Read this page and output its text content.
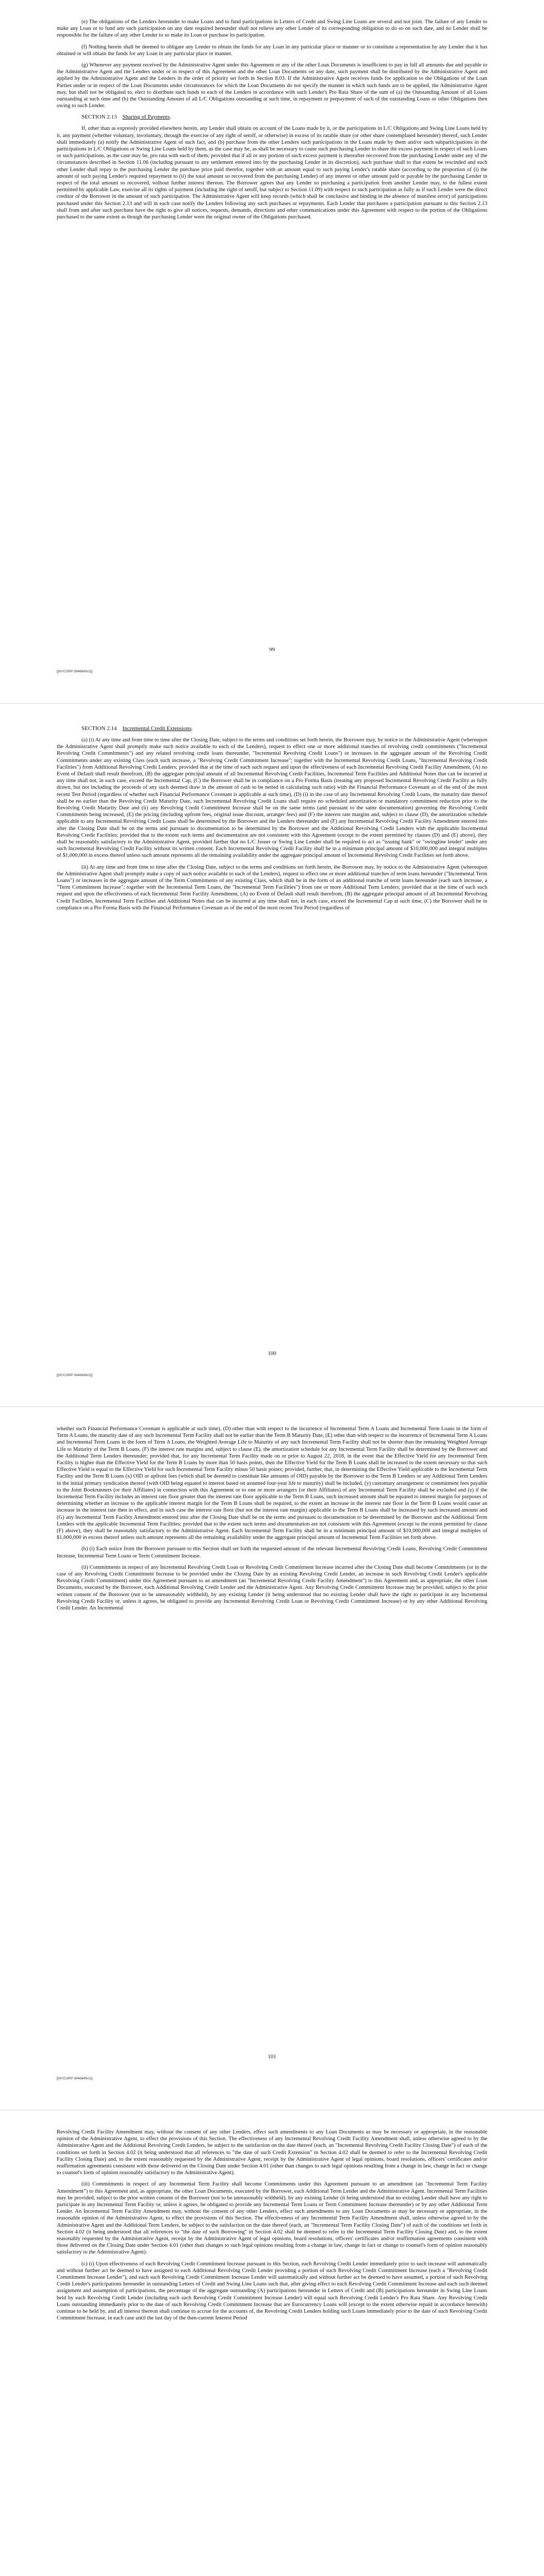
(e) The obligations of the Lenders hereunder to make Loans and to fund participations in Letters of Credit and Swing Line Loans are several and not joint. The failure of any Lender to make any Loan or to fund any such participation on any date required hereunder shall not relieve any other Lender of its corresponding obligation to do so on such date, and no Lender shall be responsible for the failure of any other Lender to so make its Loan or purchase its participation.

(f) Nothing herein shall be deemed to obligate any Lender to obtain the funds for any Loan in any particular place or manner or to constitute a representation by any Lender that it has obtained or will obtain the funds for any Loan in any particular place or manner.

(g) Whenever any payment received by the Administrative Agent under this Agreement or any of the other Loan Documents is insufficient to pay in full all amounts due and payable to the Administrative Agent and the Lenders under or in respect of this Agreement and the other Loan Documents on any date, such payment shall be distributed by the Administrative Agent and applied by the Administrative Agent and the Lenders in the order of priority set forth in Section 8.03. If the Administrative Agent receives funds for application to the Obligations of the Loan Parties under or in respect of the Loan Documents under circumstances for which the Loan Documents do not specify the manner in which such funds are to be applied, the Administrative Agent may, but shall not be obligated to, elect to distribute such funds to each of the Lenders in accordance with such Lender's Pro Rata Share of the sum of (a) the Outstanding Amount of all Loans outstanding at such time and (b) the Outstanding Amount of all L/C Obligations outstanding at such time, in repayment or prepayment of such of the outstanding Loans or other Obligations then owing to such Lender.

SECTION 2.13 Sharing of Payments.

If, other than as expressly provided elsewhere herein, any Lender shall obtain on account of the Loans made by it, or the participations in L/C Obligations and Swing Line Loans held by it, any payment (whether voluntary, involuntary, through the exercise of any right of setoff, or otherwise) in excess of its ratable share (or other share contemplated hereunder) thereof, such Lender shall immediately (a) notify the Administrative Agent of such fact, and (b) purchase from the other Lenders such participations in the Loans made by them and/or such subparticipations in the participations in L/C Obligations or Swing Line Loans held by them, as the case may be, as shall be necessary to cause such purchasing Lender to share the excess payment in respect of such Loans or such participations, as the case may be, pro rata with each of them; provided that if all or any portion of such excess payment is thereafter recovered from the purchasing Lender under any of the circumstances described in Section 11.06 (including pursuant to any settlement entered into by the purchasing Lender in its discretion), such purchase shall to that extent be rescinded and each other Lender shall repay to the purchasing Lender the purchase price paid therefor, together with an amount equal to such paying Lender's ratable share (according to the proportion of (i) the amount of such paying Lender's required repayment to (ii) the total amount so recovered from the purchasing Lender) of any interest or other amount paid or payable by the purchasing Lender in respect of the total amount so recovered, without further interest thereon. The Borrower agrees that any Lender so purchasing a participation from another Lender may, to the fullest extent permitted by applicable Law, exercise all its rights of payment (including the right of setoff, but subject to Section 11.09) with respect to such participation as fully as if such Lender were the direct creditor of the Borrower in the amount of such participation. The Administrative Agent will keep records (which shall be conclusive and binding in the absence of manifest error) of participations purchased under this Section 2.13 and will in each case notify the Lenders following any such purchases or repayments. Each Lender that purchases a participation pursuant to this Section 2.13 shall from and after such purchase have the right to give all notices, requests, demands, directions and other communications under this Agreement with respect to the portion of the Obligations purchased to the same extent as though the purchasing Lender were the original owner of the Obligations purchased.

99
[[NYCORP:3946849v2]]

SECTION 2.14 Incremental Credit Extensions.

(a) (i) At any time and from time to time after the Closing Date, subject to the terms and conditions set forth herein, the Borrower may, by notice to the Administrative Agent (whereupon the Administrative Agent shall promptly make such notice available to each of the Lenders), request to effect one or more additional tranches of revolving credit commitments ("Incremental Revolving Credit Commitments") and any related revolving credit loans thereunder, "Incremental Revolving Credit Loans") or increases in the aggregate amount of the Revolving Credit Commitments under any existing Class (each such increase, a "Revolving Credit Commitment Increase"; together with the Incremental Revolving Credit Loans, "Incremental Revolving Credit Facilities") from Additional Revolving Credit Lenders; provided that at the time of each such request and upon the effectiveness of each Incremental Revolving Credit Facility Amendment, (A) no Event of Default shall result therefrom, (B) the aggregate principal amount of all Incremental Revolving Credit Facilities, Incremental Term Facilities and Additional Notes that can be incurred at any time shall not, in each case, exceed the Incremental Cap, (C) the Borrower shall be in compliance on a Pro Forma Basis (treating any proposed Incremental Revolving Credit Facility as fully drawn, but not including the proceeds of any such deemed draw in the amount of cash to be netted in calculating such ratio) with the Financial Performance Covenant as of the end of the most recent Test Period (regardless of whether such Financial Performance Covenant is applicable at such time), (D) (i) in the case of any Incremental Revolving Credit Loans, the maturity date thereof shall be no earlier than the Revolving Credit Maturity Date, such Incremental Revolving Credit Loans shall require no scheduled amortization or mandatory commitment reduction prior to the Revolving Credit Maturity Date and (ii) any Revolving Credit Commitment Increase shall be on the same terms (and pursuant to the same documentation) governing the Revolving Credit Commitments being increased, (E) the pricing (including upfront fees, original issue discount, arranger fees) and (F) the interest rate margins and, subject to clause (D), the amortization schedule applicable to any Incremental Revolving Credit Loans shall be determined by the Borrower and the Lenders thereunder and (F) any Incremental Revolving Credit Facility Amendment entered into after the Closing Date shall be on the terms and pursuant to documentation to be determined by the Borrower and the Additional Revolving Credit Lenders with the applicable Incremental Revolving Credit Facilities; provided that to the extent such terms and documentation are not consistent with this Agreement (except to the extent permitted by clauses (D) and (E) above), they shall be reasonably satisfactory to the Administrative Agent, provided further that no L/C Issuer or Swing Line Lender shall be required to act as "issuing bank" or "swingline lender" under any such Incremental Revolving Credit Facility without its written consent. Each Incremental Revolving Credit Facility shall be in a minimum principal amount of $10,000,000 and integral multiples of $1,000,000 in excess thereof unless such amount represents all the remaining availability under the aggregate principal amount of Incremental Revolving Credit Facilities set forth above.

(ii) At any time and from time to time after the Closing Date, subject to the terms and conditions set forth herein, the Borrower may, by notice to the Administrative Agent (whereupon the Administrative Agent shall promptly make a copy of such notice available to each of the Lenders), request to effect one or more additional tranches of term loans hereunder ("Incremental Term Loans") or increases in the aggregate amount of the Term Commitments of any existing Class, which shall be in the form of an additional tranche of term loans hereunder (each such increase, a "Term Commitment Increase"; together with the Incremental Term Loans, the "Incremental Term Facilities") from one or more Additional Term Lenders; provided that at the time of each such request and upon the effectiveness of each Incremental Term Facility Amendment, (A) no Event of Default shall result therefrom, (B) the aggregate principal amount of all Incremental Revolving Credit Facilities, Incremental Term Facilities and Additional Notes that can be incurred at any time shall not, in each case, exceed the Incremental Cap at such time, (C) the Borrower shall be in compliance on a Pro Forma Basis with the Financial Performance Covenant as of the end of the most recent Test Period (regardless of

100
[[NYCORP:3946849v2]]

whether such Financial Performance Covenant is applicable at such time), (D) other than with respect to the incurrence of Incremental Term A Loans and Incremental Term Loans in the form of Term A Loans, the maturity date of any such Incremental Term Facility shall not be earlier than the Term B Maturity Date, (E) other than with respect to the incurrence of Incremental Term A Loans and Incremental Term Loans in the form of Term A Loans, the Weighted Average Life to Maturity of any such Incremental Term Facility shall not be shorter than the remaining Weighted Average Life to Maturity of the Term B Loans, (F) the interest rate margins and, subject to clause (E), the amortization schedule for any Incremental Term Facility shall be determined by the Borrower and the Additional Term Lenders thereunder; provided that, for any Incremental Term Facility made on or prior to August 22, 2018, in the event that the Effective Yield for any Incremental Term Facility is higher than the Effective Yield for the Term B Loans by more than 50 basis points, then the Effective Yield for the Term B Loans shall be increased to the extent necessary so that such Effective Yield is equal to the Effective Yield for such Incremental Term Facility minus 50 basis points; provided, further, that, in determining the Effective Yield applicable to the Incremental Term Facility and the Term B Loans (x) OID or upfront fees (which shall be deemed to constitute like amounts of OID) payable by the Borrower to the Term B Lenders or any Additional Term Lenders in the initial primary syndication thereof (with OID being equated to interest based on assumed four-year life to maturity) shall be included, (y) customary arrangement or commitment fees payable to the Joint Bookrunners (or their Affiliates) in connection with this Agreement or to one or more arrangers (or their Affiliates) of any Incremental Term Facility shall be excluded and (z) if the Incremental Term Facility includes an interest rate floor greater than the interest rate floor applicable to the Term B Loans, such increased amount shall be equated to interest margin for purposes of determining whether an increase to the applicable interest margin for the Term B Loans shall be required, to the extent an increase in the interest rate floor in the Term B Loans would cause an increase in the interest rate then in effect, and in such case the interest rate floor (but not the interest rate margin) applicable to the Term B Loans shall be increased by such increased amount and (G) any Incremental Term Facility Amendment entered into after the Closing Date shall be on the terms and pursuant to documentation to be determined by the Borrower and the Additional Term Lenders with the applicable Incremental Term Facilities; provided that to the extent such terms and documentation are not consistent with this Agreement (except to the extent permitted by clause (F) above), they shall be reasonably satisfactory to the Administrative Agent. Each Incremental Term Facility shall be in a minimum principal amount of $10,000,000 and integral multiples of $1,000,000 in excess thereof unless such amount represents all the remaining availability under the aggregate principal amount of Incremental Term Facilities set forth above.

(b) (i) Each notice from the Borrower pursuant to this Section shall set forth the requested amount of the relevant Incremental Revolving Credit Loans, Revolving Credit Commitment Increase, Incremental Term Loans or Term Commitment Increase.

(ii) Commitments in respect of any Incremental Revolving Credit Loan or Revolving Credit Commitment Increase incurred after the Closing Date shall become Commitments (or in the case of any Revolving Credit Commitment Increase to be provided under the Closing Date by an existing Revolving Credit Lender, an increase in such Revolving Credit Lender's applicable Revolving Credit Commitment) under this Agreement pursuant to an amendment (an "Incremental Revolving Credit Facility Amendment") to this Agreement and, as appropriate, the other Loan Documents, executed by the Borrower, each Additional Revolving Credit Lender and the Administrative Agent. Any Revolving Credit Commitment Increase may be provided, subject to the prior written consent of the Borrower (not to be unreasonably withheld), by any existing Lender (it being understood that no existing Lender shall have the right to participate in any Incremental Revolving Credit Facility or, unless it agrees, be obligated to provide any Incremental Revolving Credit Loan or Revolving Credit Commitment Increase) or by any other Additional Revolving Credit Lender. An Incremental

101
[[NYCORP:3946849v2]]

Revolving Credit Facility Amendment may, without the consent of any other Lenders, effect such amendments to any Loan Documents as may be necessary or appropriate, in the reasonable opinion of the Administrative Agent, to effect the provisions of this Section. The effectiveness of any Incremental Revolving Credit Facility Amendment shall, unless otherwise agreed to by the Administrative Agent and the Additional Revolving Credit Lenders, be subject to the satisfaction on the date thereof (each, an "Incremental Revolving Credit Facility Closing Date") of each of the conditions set forth in Section 4.02 (it being understood that all references to "the date of such Credit Extension" in Section 4.02 shall be deemed to refer to the Incremental Revolving Credit Facility Closing Date) and, to the extent reasonably requested by the Administrative Agent, receipt by the Administrative Agent of legal opinions, board resolutions, officers' certificates and/or reaffirmation agreements consistent with those delivered on the Closing Date under Section 4.01 (other than changes to such legal opinions resulting from a change in law, change in fact or change to counsel's form of opinion reasonably satisfactory to the Administrative Agent).

(iii) Commitments in respect of any Incremental Term Facility shall become Commitments under this Agreement pursuant to an amendment (an "Incremental Term Facility Amendment") to this Agreement and, as appropriate, the other Loan Documents, executed by the Borrower, each Additional Term Lender and the Administrative Agent. Incremental Term Facilities may be provided, subject to the prior written consent of the Borrower (not to be unreasonably withheld), by any existing Lender (it being understood that no existing Lender shall have any right to participate in any Incremental Term Facility or, unless it agrees, be obligated to provide any Incremental Term Loans or Term Commitment Increase thereunder) or by any other Additional Term Lender. An Incremental Term Facility Amendment may, without the consent of any other Lenders, effect such amendments to any Loan Documents as may be necessary or appropriate, in the reasonable opinion of the Administrative Agent, to effect the provisions of this Section. The effectiveness of any Incremental Term Facility Amendment shall, unless otherwise agreed to by the Administrative Agent and the Additional Term Lenders, be subject to the satisfaction on the date thereof (each, an "Incremental Term Facility Closing Date") of each of the conditions set forth in Section 4.02 (it being understood that all references to "the date of such Borrowing" in Section 4.02 shall be deemed to refer to the Incremental Term Facility Closing Date) and, to the extent reasonably requested by the Administrative Agent, receipt by the Administrative Agent of legal opinions, board resolutions, officers' certificates and/or reaffirmation agreements consistent with those delivered on the Closing Date under Section 4.01 (other than changes to such legal opinions resulting from a change in law, change in fact or change to counsel's form of opinion reasonably satisfactory to the Administrative Agent).

(c) (i) Upon effectiveness of each Revolving Credit Commitment Increase pursuant to this Section, each Revolving Credit Lender immediately prior to such increase will automatically and without further act be deemed to have assigned to each Additional Revolving Credit Lender providing a portion of such Revolving Credit Commitment Increase (each a "Revolving Credit Commitment Increase Lender"), and each such Revolving Credit Commitment Increase Lender will automatically and without further act be deemed to have assumed, a portion of such Revolving Credit Lender's participations hereunder in outstanding Letters of Credit and Swing Line Loans such that, after giving effect to each Revolving Credit Commitment Increase and each such deemed assignment and assumption of participations, the percentage of the aggregate outstanding (A) participations hereunder in Letters of Credit and (B) participations hereunder in Swing Line Loans held by each Revolving Credit Lender (including each such Revolving Credit Commitment Increase Lender) will equal such Revolving Credit Lender's Pro Rata Share. Any Revolving Credit Loans outstanding immediately prior to the date of such Revolving Credit Commitment Increase that are Eurocurrency Loans will (except to the extent otherwise repaid in accordance herewith) continue to be held by, and all interest thereon shall continue to accrue for the accounts of, the Revolving Credit Lenders holding such Loans immediately prior to the date of such Revolving Credit Commitment Increase, in each case until the last day of the then-current Interest Period
